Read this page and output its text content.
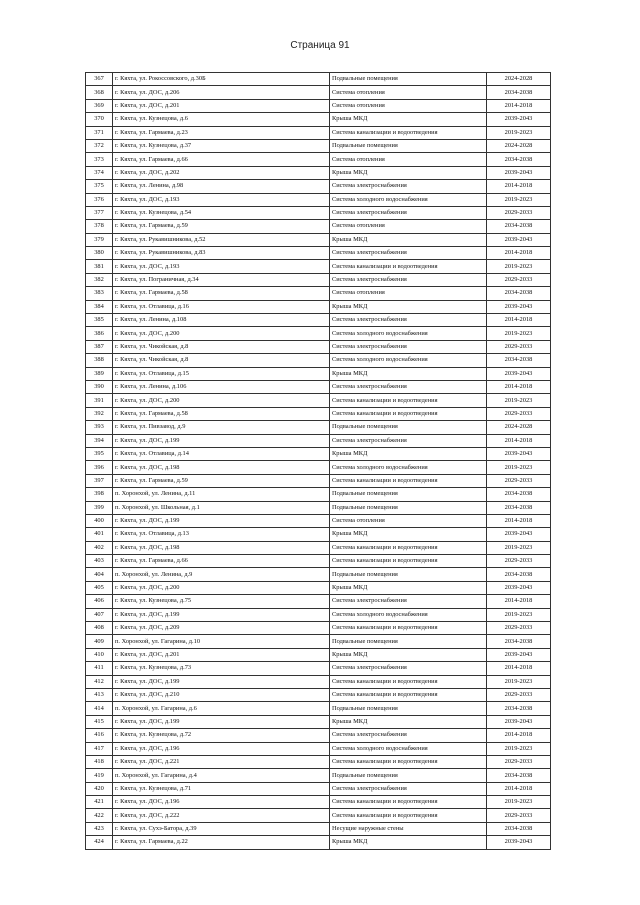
Страница 91
367	г. Кяхта, ул. Рокоссовского, д.30Б	Подвальные помещения	2024-2028
368	г. Кяхта, ул. ДОС, д.206	Система отопления	2034-2038
369	г. Кяхта, ул. ДОС, д.201	Система отопления	2014-2018
370	г. Кяхта, ул. Кузнецова, д.6	Крыша МКД	2039-2043
371	г. Кяхта, ул. Гармаева, д.23	Система канализации и водоотведения	2019-2023
372	г. Кяхта, ул. Кузнецова, д.37	Подвальные помещения	2024-2028
373	г. Кяхта, ул. Гармаева, д.66	Система отопления	2034-2038
374	г. Кяхта, ул. ДОС, д.202	Крыша МКД	2039-2043
375	г. Кяхта, ул. Ленина, д.98	Система электроснабжения	2014-2018
376	г. Кяхта, ул. ДОС, д.193	Система холодного водоснабжения	2019-2023
377	г. Кяхта, ул. Кузнецова, д.54	Система электроснабжения	2029-2033
378	г. Кяхта, ул. Гармаева, д.59	Система отопления	2034-2038
379	г. Кяхта, ул. Рукавишникова, д.52	Крыша МКД	2039-2043
380	г. Кяхта, ул. Рукавишникова, д.83	Система электроснабжения	2014-2018
381	г. Кяхта, ул. ДОС, д.193	Система канализации и водоотведения	2019-2023
382	г. Кяхта, ул. Пограничная, д.34	Система электроснабжения	2029-2033
383	г. Кяхта, ул. Гармаева, д.58	Система отопления	2034-2038
384	г. Кяхта, ул. Отлавица, д.16	Крыша МКД	2039-2043
385	г. Кяхта, ул. Ленина, д.108	Система электроснабжения	2014-2018
386	г. Кяхта, ул. ДОС, д.200	Система холодного водоснабжения	2019-2023
387	г. Кяхта, ул. Чикойская, д.8	Система электроснабжения	2029-2033
388	г. Кяхта, ул. Чикойская, д.8	Система холодного водоснабжения	2034-2038
389	г. Кяхта, ул. Отлавица, д.15	Крыша МКД	2039-2043
390	г. Кяхта, ул. Ленина, д.106	Система электроснабжения	2014-2018
391	г. Кяхта, ул. ДОС, д.200	Система канализации и водоотведения	2019-2023
392	г. Кяхта, ул. Гармаева, д.58	Система канализации и водоотведения	2029-2033
393	г. Кяхта, ул. Пивзавод, д.9	Подвальные помещения	2024-2028
394	г. Кяхта, ул. ДОС, д.199	Система электроснабжения	2014-2018
395	г. Кяхта, ул. Отлавица, д.14	Крыша МКД	2039-2043
396	г. Кяхта, ул. ДОС, д.198	Система холодного водоснабжения	2019-2023
397	г. Кяхта, ул. Гармаева, д.59	Система канализации и водоотведения	2029-2033
398	п. Хоронхой, ул. Ленина, д.11	Подвальные помещения	2034-2038
399	п. Хоронхой, ул. Школьная, д.1	Подвальные помещения	2034-2038
400	г. Кяхта, ул. ДОС, д.199	Система отопления	2014-2018
401	г. Кяхта, ул. Отлавица, д.13	Крыша МКД	2039-2043
402	г. Кяхта, ул. ДОС, д.198	Система канализации и водоотведения	2019-2023
403	г. Кяхта, ул. Гармаева, д.66	Система канализации и водоотведения	2029-2033
404	п. Хоронхой, ул. Ленина, д.9	Подвальные помещения	2034-2038
405	г. Кяхта, ул. ДОС, д.200	Крыша МКД	2039-2043
406	г. Кяхта, ул. Кузнецова, д.75	Система электроснабжения	2014-2018
407	г. Кяхта, ул. ДОС, д.199	Система холодного водоснабжения	2019-2023
408	г. Кяхта, ул. ДОС, д.209	Система канализации и водоотведения	2029-2033
409	п. Хоронхой, ул. Гагарина, д.10	Подвальные помещения	2034-2038
410	г. Кяхта, ул. ДОС, д.201	Крыша МКД	2039-2043
411	г. Кяхта, ул. Кузнецова, д.73	Система электроснабжения	2014-2018
412	г. Кяхта, ул. ДОС, д.199	Система канализации и водоотведения	2019-2023
413	г. Кяхта, ул. ДОС, д.210	Система канализации и водоотведения	2029-2033
414	п. Хоронхой, ул. Гагарина, д.6	Подвальные помещения	2034-2038
415	г. Кяхта, ул. ДОС, д.199	Крыша МКД	2039-2043
416	г. Кяхта, ул. Кузнецова, д.72	Система электроснабжения	2014-2018
417	г. Кяхта, ул. ДОС, д.196	Система холодного водоснабжения	2019-2023
418	г. Кяхта, ул. ДОС, д.221	Система канализации и водоотведения	2029-2033
419	п. Хоронхой, ул. Гагарина, д.4	Подвальные помещения	2034-2038
420	г. Кяхта, ул. Кузнецова, д.71	Система электроснабжения	2014-2018
421	г. Кяхта, ул. ДОС, д.196	Система канализации и водоотведения	2019-2023
422	г. Кяхта, ул. ДОС, д.222	Система канализации и водоотведения	2029-2033
423	г. Кяхта, ул. Сухэ-Батора, д.39	Несущие наружные стены	2034-2038
424	г. Кяхта, ул. Гармаева, д.22	Крыша МКД	2039-2043
